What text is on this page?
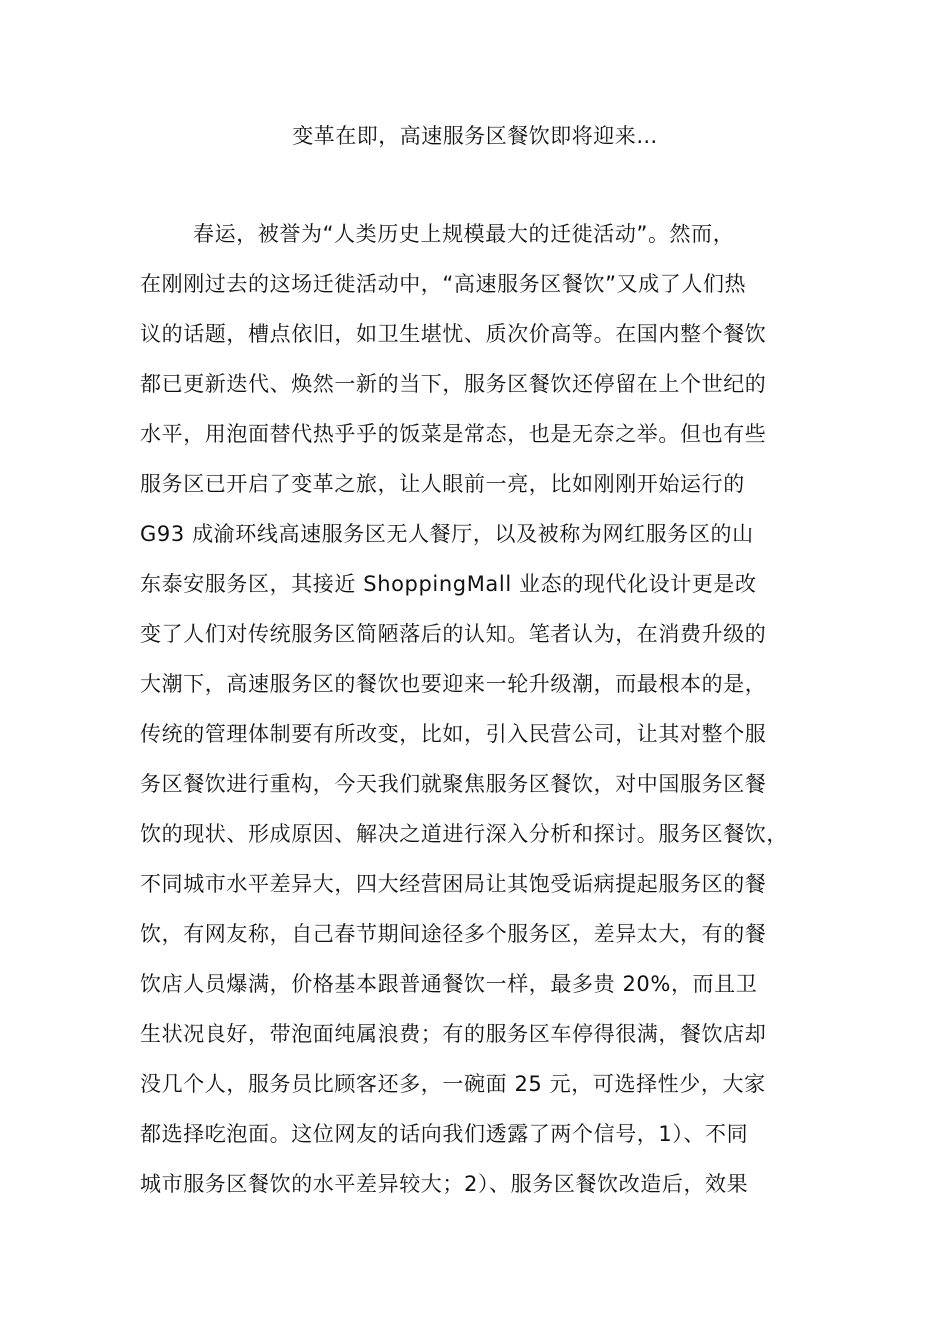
变革在即，高速服务区餐饮即将迎来…
春运，被誉为“人类历史上规模最大的迁徙活动”。然而，
在刚刚过去的这场迁徙活动中，“高速服务区餐饮”又成了人们热
议的话题，槽点依旧，如卫生堪忧、质次价高等。在国内整个餐饮
都已更新迭代、焕然一新的当下，服务区餐饮还停留在上个世纪的
水平，用泡面替代热乎乎的饭菜是常态，也是无奈之举。但也有些
服务区已开启了变革之旅，让人眼前一亮，比如刚刚开始运行的
G93 成渝环线高速服务区无人餐厅，以及被称为网红服务区的山
东泰安服务区，其接近 ShoppingMall 业态的现代化设计更是改
变了人们对传统服务区简陋落后的认知。笔者认为，在消费升级的
大潮下，高速服务区的餐饮也要迎来一轮升级潮，而最根本的是，
传统的管理体制要有所改变，比如，引入民营公司，让其对整个服
务区餐饮进行重构，今天我们就聚焦服务区餐饮，对中国服务区餐
饮的现状、形成原因、解决之道进行深入分析和探讨。服务区餐饮，
不同城市水平差异大，四大经营困局让其饱受诟病提起服务区的餐
饮，有网友称，自己春节期间途径多个服务区，差异太大，有的餐
饮店人员爆满，价格基本跟普通餐饮一样，最多贵 20%，而且卫
生状况良好，带泡面纯属浪费；有的服务区车停得很满，餐饮店却
没几个人，服务员比顾客还多，一碗面 25 元，可选择性少，大家
都选择吃泡面。这位网友的话向我们透露了两个信号，1）、不同
城市服务区餐饮的水平差异较大；2）、服务区餐饮改造后，效果
